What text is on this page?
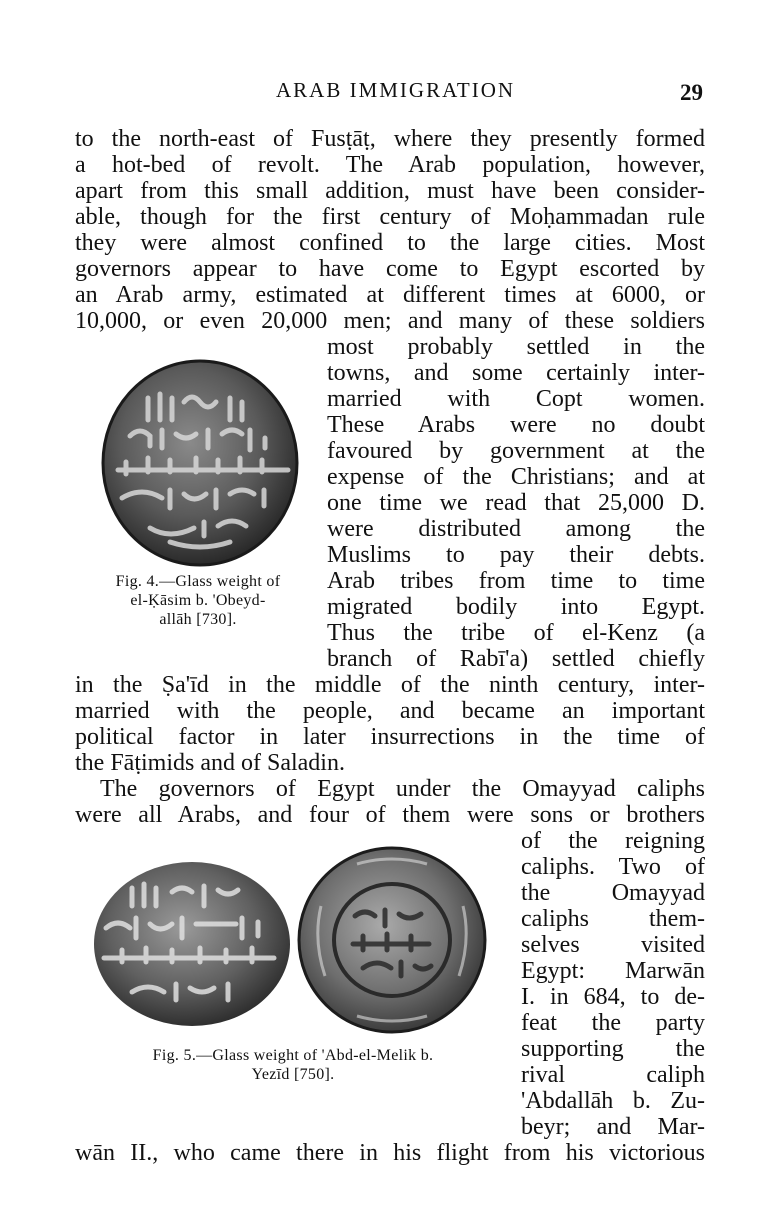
ARAB IMMIGRATION	29
to the north-east of Fusṭāṭ, where they presently formed
a hot-bed of revolt. The Arab population, however,
apart from this small addition, must have been consider-
able, though for the first century of Moḥammadan rule
they were almost confined to the large cities. Most
governors appear to have come to Egypt escorted by
an Arab army, estimated at different times at 6000, or
10,000, or even 20,000 men; and many of these soldiers
most probably settled in the
towns, and some certainly inter-
married with Copt women.
These Arabs were no doubt
favoured by government at the
expense of the Christians; and at
one time we read that 25,000 D.
were distributed among the
Muslims to pay their debts.
Arab tribes from time to time
migrated bodily into Egypt.
Thus the tribe of el-Kenz (a
branch of Rabī'a) settled chiefly
Fig. 4.—Glass weight of
el-Ḳāsim b. 'Obeyd-
allāh [730].
in the Ṣa'īd in the middle of the ninth century, inter-
married with the people, and became an important
political factor in later insurrections in the time of
the Fāṭimids and of Saladin.
The governors of Egypt under the Omayyad caliphs
were all Arabs, and four of them were sons or brothers
of the reigning
caliphs. Two of
the Omayyad
caliphs them-
selves visited
Egypt: Marwān
I. in 684, to de-
feat the party
supporting the
rival caliph
'Abdallāh b. Zu-
beyr; and Mar-
Fig. 5.—Glass weight of 'Abd-el-Melik b.
Yezīd [750].
wān II., who came there in his flight from his victorious
